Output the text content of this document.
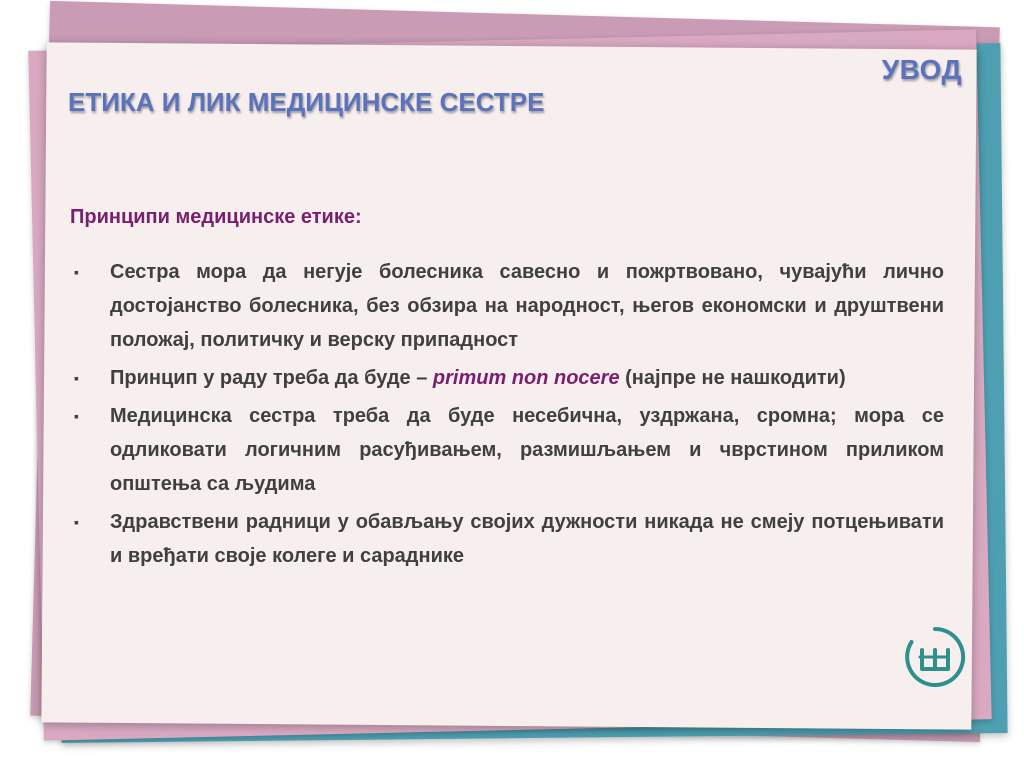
УВОД
ЕТИКА И ЛИК МЕДИЦИНСКЕ СЕСТРЕ
Принципи медицинске етике:
▪ Сестра мора да негује болесника савесно и пожртвовано, чувајући лично достојанство болесника, без обзира на народност, његов економски и друштвени положај, политичку и верску припадност
▪ Принцип у раду треба да буде – primum non nocere (најпре не нашкодити)
▪ Медицинска сестра треба да буде несебична, уздржана, сромна; мора се одликовати логичним расуђивањем, размишљањем и чврстином приликом општења са људима
▪ Здравствени радници у обављању својих дужности никада не смеју потцењивати и вређати своје колеге и сараднике
